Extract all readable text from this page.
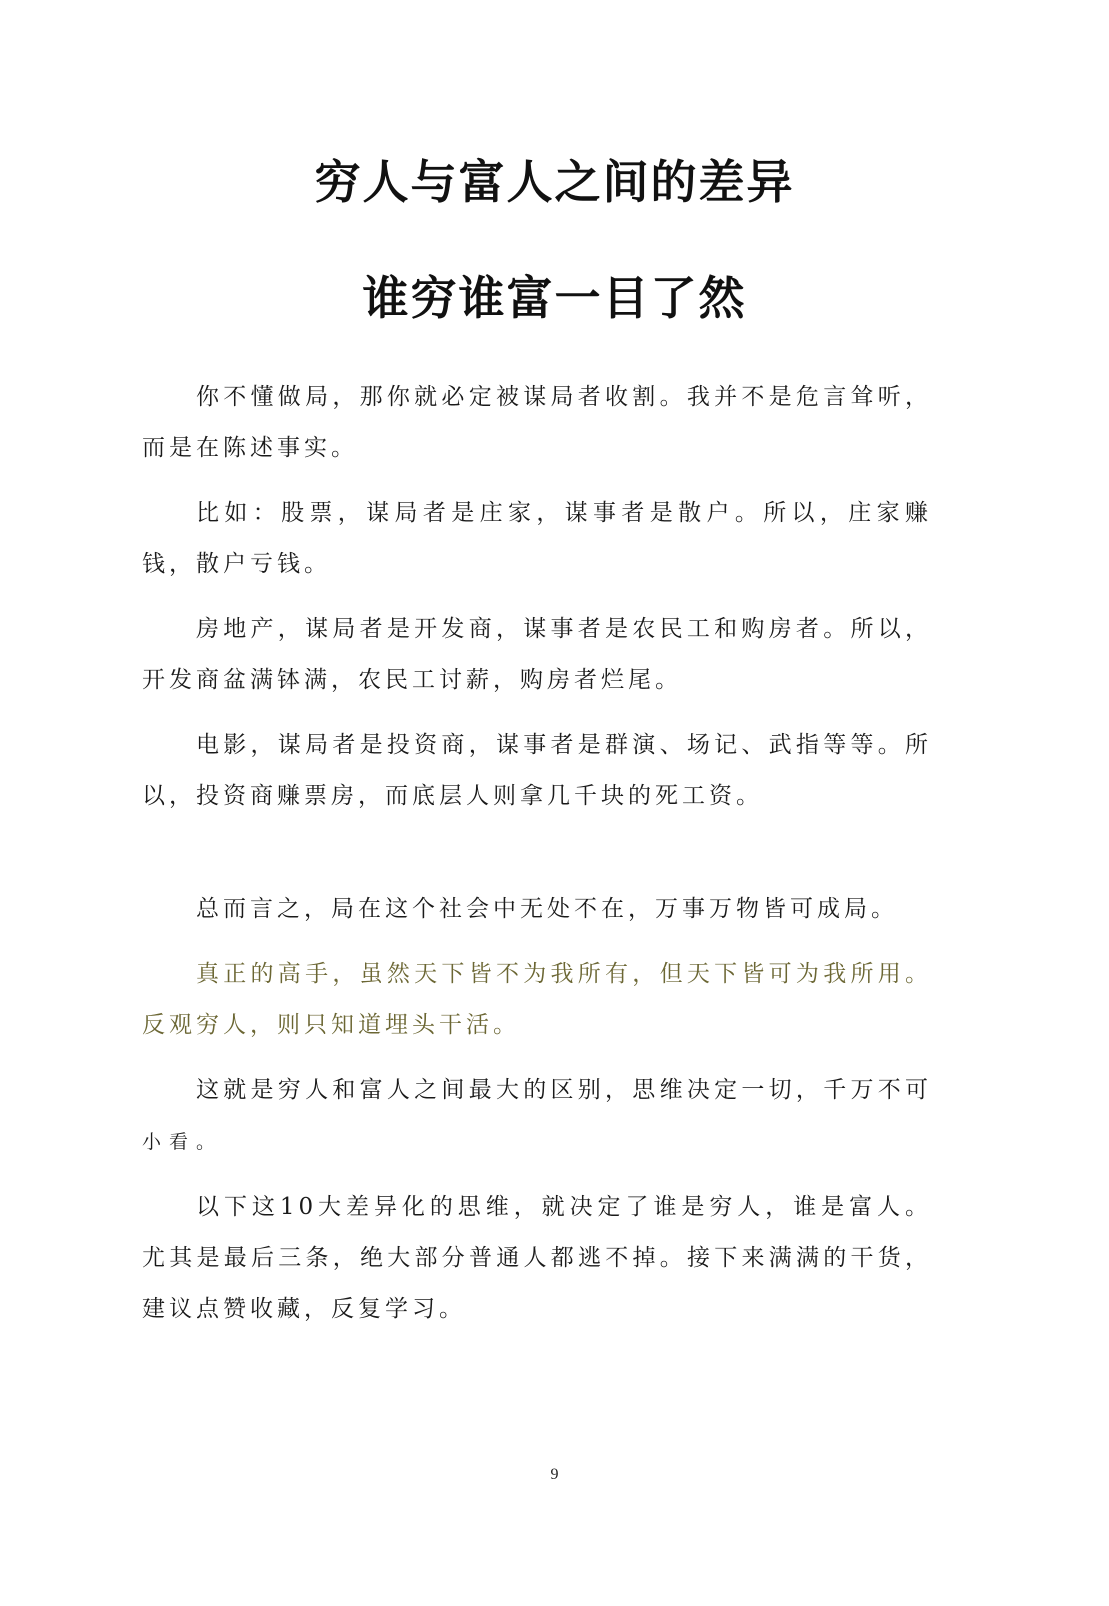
穷人与富人之间的差异
谁穷谁富一目了然

你不懂做局，那你就必定被谋局者收割。我并不是危言耸听，而是在陈述事实。

比如：股票，谋局者是庄家，谋事者是散户。所以，庄家赚钱，散户亏钱。

房地产，谋局者是开发商，谋事者是农民工和购房者。所以，开发商盆满钵满，农民工讨薪，购房者烂尾。

电影，谋局者是投资商，谋事者是群演、场记、武指等等。所以，投资商赚票房，而底层人则拿几千块的死工资。

总而言之，局在这个社会中无处不在，万事万物皆可成局。

真正的高手，虽然天下皆不为我所有，但天下皆可为我所用。反观穷人，则只知道埋头干活。

这就是穷人和富人之间最大的区别，思维决定一切，千万不可小看。

以下这10大差异化的思维，就决定了谁是穷人，谁是富人。尤其是最后三条，绝大部分普通人都逃不掉。接下来满满的干货，建议点赞收藏，反复学习。

9
